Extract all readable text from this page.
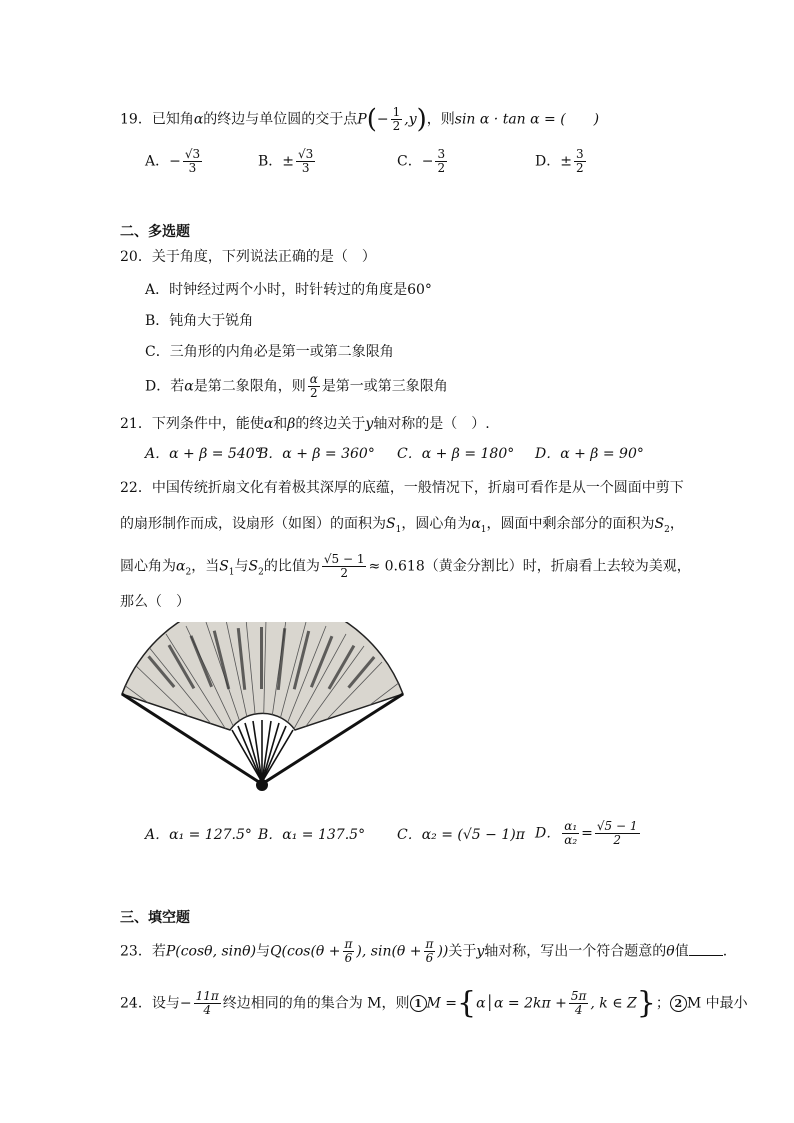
19．已知角α的终边与单位圆的交于点$P(- \frac{1}{2} ,y)$，则sin α · tan α = (　　)
A．− $\frac{√3}{3}$	B．± $\frac{√3}{3}$	C．− $\frac{3}{2}$	D．± $\frac{3}{2}$
二、多选题
20．关于角度，下列说法正确的是（　）
A．时钟经过两个小时，时针转过的角度是60°
B．钝角大于锐角
C．三角形的内角必是第一或第二象限角
D．若α是第二象限角，则 $\frac{\alpha}{2}$ 是第一或第三象限角
21．下列条件中，能使α和β的终边关于y轴对称的是（　）.
A．α + β = 540°
B．α + β = 360° C．α + β = 180° D．α + β = 90°
22．中国传统折扇文化有着极其深厚的底蕴，一般情况下，折扇可看作是从一个圆面中剪下
的扇形制作而成，设扇形（如图）的面积为$S_1$，圆心角为$\alpha_1$，圆面中剩余部分的面积为$S_2$，
圆心角为$\alpha_2$，当$S_1$与$S_2$的比值为 $\frac{√5 - 1}{2} \approx 0.618$（黄金分割比）时，折扇看上去较为美观，
那么（　）
A．α₁ = 127.5° B．α₁ = 137.5° C．α₂ = (√5 − 1)π D． $\frac{\text{α₁}}{\text{α₂}} = \frac{√5 - 1}{2}$
三、填空题
23．若P(cosθ, sinθ)与$Q(\cos(\theta + \frac{\pi}{6}$ ), $\sin(\theta + \frac{\pi}{6}$ ))关于y轴对称，写出一个符合题意的θ值 .
24．设与− $\frac{11\pi}{4}$ 终边相同的角的集合为 M，则 1 M ={α│α = $2k\pi + \frac{5\pi}{4}$ , k ∈ Z}； 2 M 中最小
